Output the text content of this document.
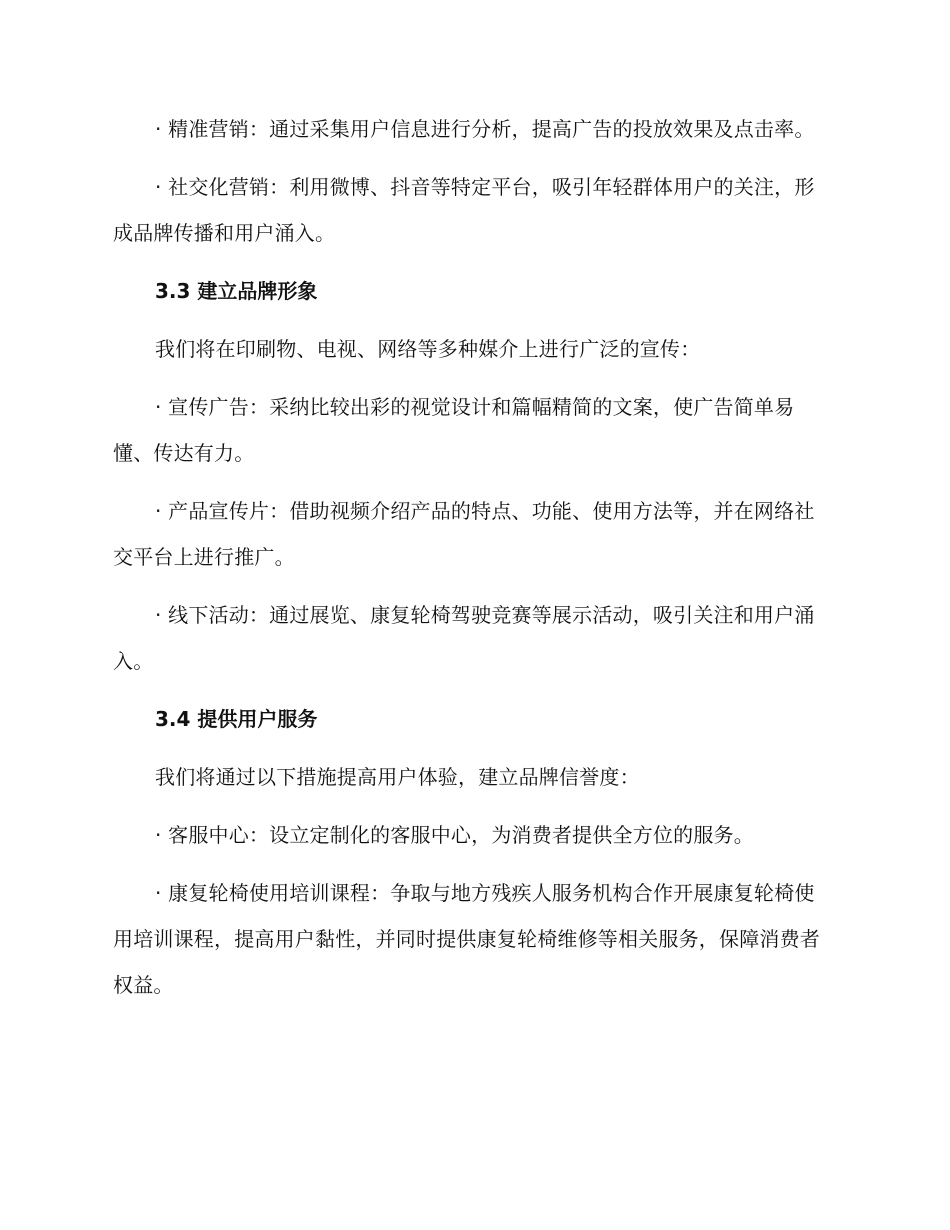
· 精准营销：通过采集用户信息进行分析，提高广告的投放效果及点击率。

· 社交化营销：利用微博、抖音等特定平台，吸引年轻群体用户的关注，形成品牌传播和用户涌入。

3.3 建立品牌形象

我们将在印刷物、电视、网络等多种媒介上进行广泛的宣传：

· 宣传广告：采纳比较出彩的视觉设计和篇幅精简的文案，使广告简单易懂、传达有力。

· 产品宣传片：借助视频介绍产品的特点、功能、使用方法等，并在网络社交平台上进行推广。

· 线下活动：通过展览、康复轮椅驾驶竞赛等展示活动，吸引关注和用户涌入。

3.4 提供用户服务

我们将通过以下措施提高用户体验，建立品牌信誉度：

· 客服中心：设立定制化的客服中心，为消费者提供全方位的服务。

· 康复轮椅使用培训课程：争取与地方残疾人服务机构合作开展康复轮椅使用培训课程，提高用户黏性，并同时提供康复轮椅维修等相关服务，保障消费者权益。
